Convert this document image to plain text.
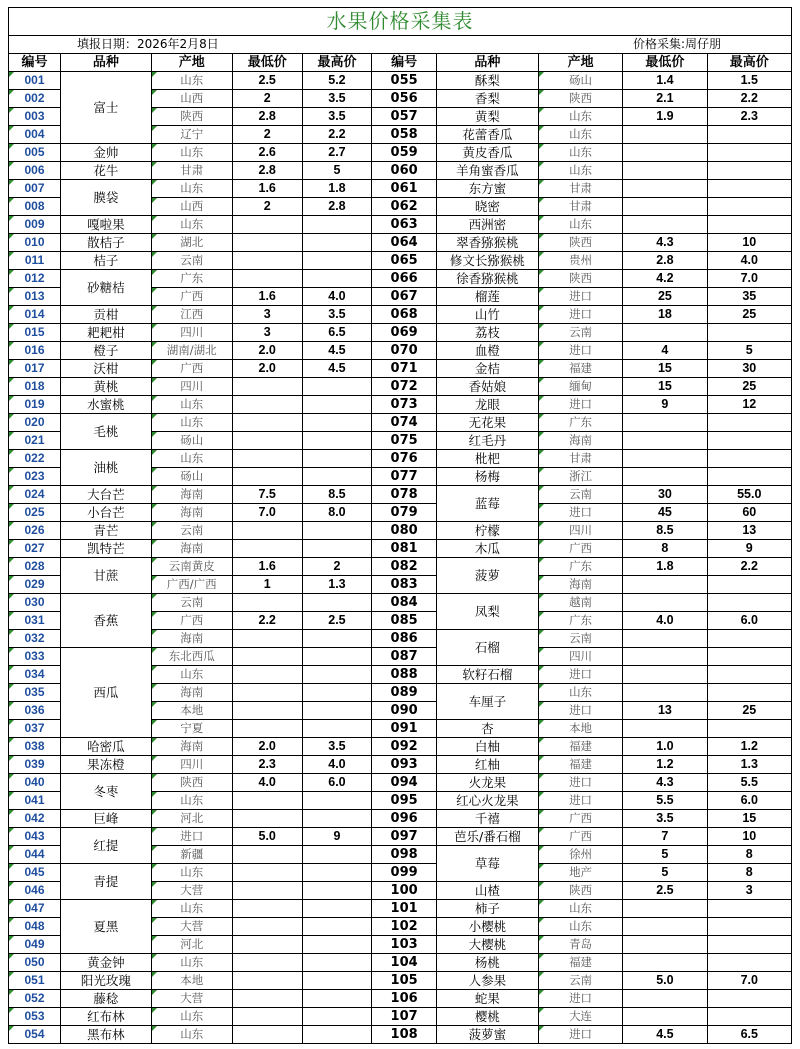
水果价格采集表									

填报日期：2026年2月8日 价格采集:周仔朋									

编号	品种	产地	最低价	最高价	编号	品种	产地	最低价	最高价
001	富士	山东	2.5	5.2	055	酥梨	砀山	1.4	1.5
002		山西	2	3.5	056	香梨	陕西	2.1	2.2
003		陕西	2.8	3.5	057	黄梨	山东	1.9	2.3
004		辽宁	2	2.2	058	花蕾香瓜	山东		
005	金帅	山东	2.6	2.7	059	黄皮香瓜	山东		
006	花牛	甘肃	2.8	5	060	羊角蜜香瓜	山东		
007	膜袋	山东	1.6	1.8	061	东方蜜	甘肃		
008		山西	2	2.8	062	晓密	甘肃		
009	嘎啦果	山东			063	西洲密	山东		
010	散桔子	湖北			064	翠香猕猴桃	陕西	4.3	10
011	桔子	云南			065	修文长猕猴桃	贵州	2.8	4.0
012	砂糖桔	广东			066	徐香猕猴桃	陕西	4.2	7.0
013		广西	1.6	4.0	067	榴莲	进口	25	35
014	贡柑	江西	3	3.5	068	山竹	进口	18	25
015	耙耙柑	四川	3	6.5	069	荔枝	云南		
016	橙子	湖南/湖北	2.0	4.5	070	血橙	进口	4	5
017	沃柑	广西	2.0	4.5	071	金桔	福建	15	30
018	黄桃	四川			072	香姑娘	缅甸	15	25
019	水蜜桃	山东			073	龙眼	进口	9	12
020	毛桃	山东			074	无花果	广东		
021		砀山			075	红毛丹	海南		
022	油桃	山东			076	枇杷	甘肃		
023		砀山			077	杨梅	浙江		
024	大台芒	海南	7.5	8.5	078	蓝莓	云南	30	55.0
025	小台芒	海南	7.0	8.0	079		进口	45	60
026	青芒	云南			080	柠檬	四川	8.5	13
027	凯特芒	海南			081	木瓜	广西	8	9
028	甘蔗	云南黄皮	1.6	2	082	菠萝	广东	1.8	2.2
029		广西/广西	1	1.3	083		海南		
030	香蕉	云南			084	凤梨	越南		
031		广西	2.2	2.5	085		广东	4.0	6.0
032		海南			086	石榴	云南		
033	西瓜	东北西瓜			087		四川		
034		山东			088	软籽石榴	进口		
035		海南			089	车厘子	山东		
036		本地			090		进口	13	25
037		宁夏			091	杏	本地		
038	哈密瓜	海南	2.0	3.5	092	白柚	福建	1.0	1.2
039	果冻橙	四川	2.3	4.0	093	红柚	福建	1.2	1.3
040	冬枣	陕西	4.0	6.0	094	火龙果	进口	4.3	5.5
041		山东			095	红心火龙果	进口	5.5	6.0
042	巨峰	河北			096	千禧	广西	3.5	15
043	红提	进口	5.0	9	097	芭乐/番石榴	广西	7	10
044		新疆			098	草莓	徐州	5	8
045	青提	山东			099		地产	5	8
046		大营			100	山楂	陕西	2.5	3
047	夏黑	山东			101	柿子	山东		
048		大营			102	小樱桃	山东		
049		河北			103	大樱桃	青岛		
050	黄金钟	山东			104	杨桃	福建		
051	阳光玫瑰	本地			105	人参果	云南	5.0	7.0
052	藤稔	大营			106	蛇果	进口		
053	红布林	山东			107	樱桃	大连		
054	黑布林	山东			108	菠萝蜜	进口	4.5	6.5
